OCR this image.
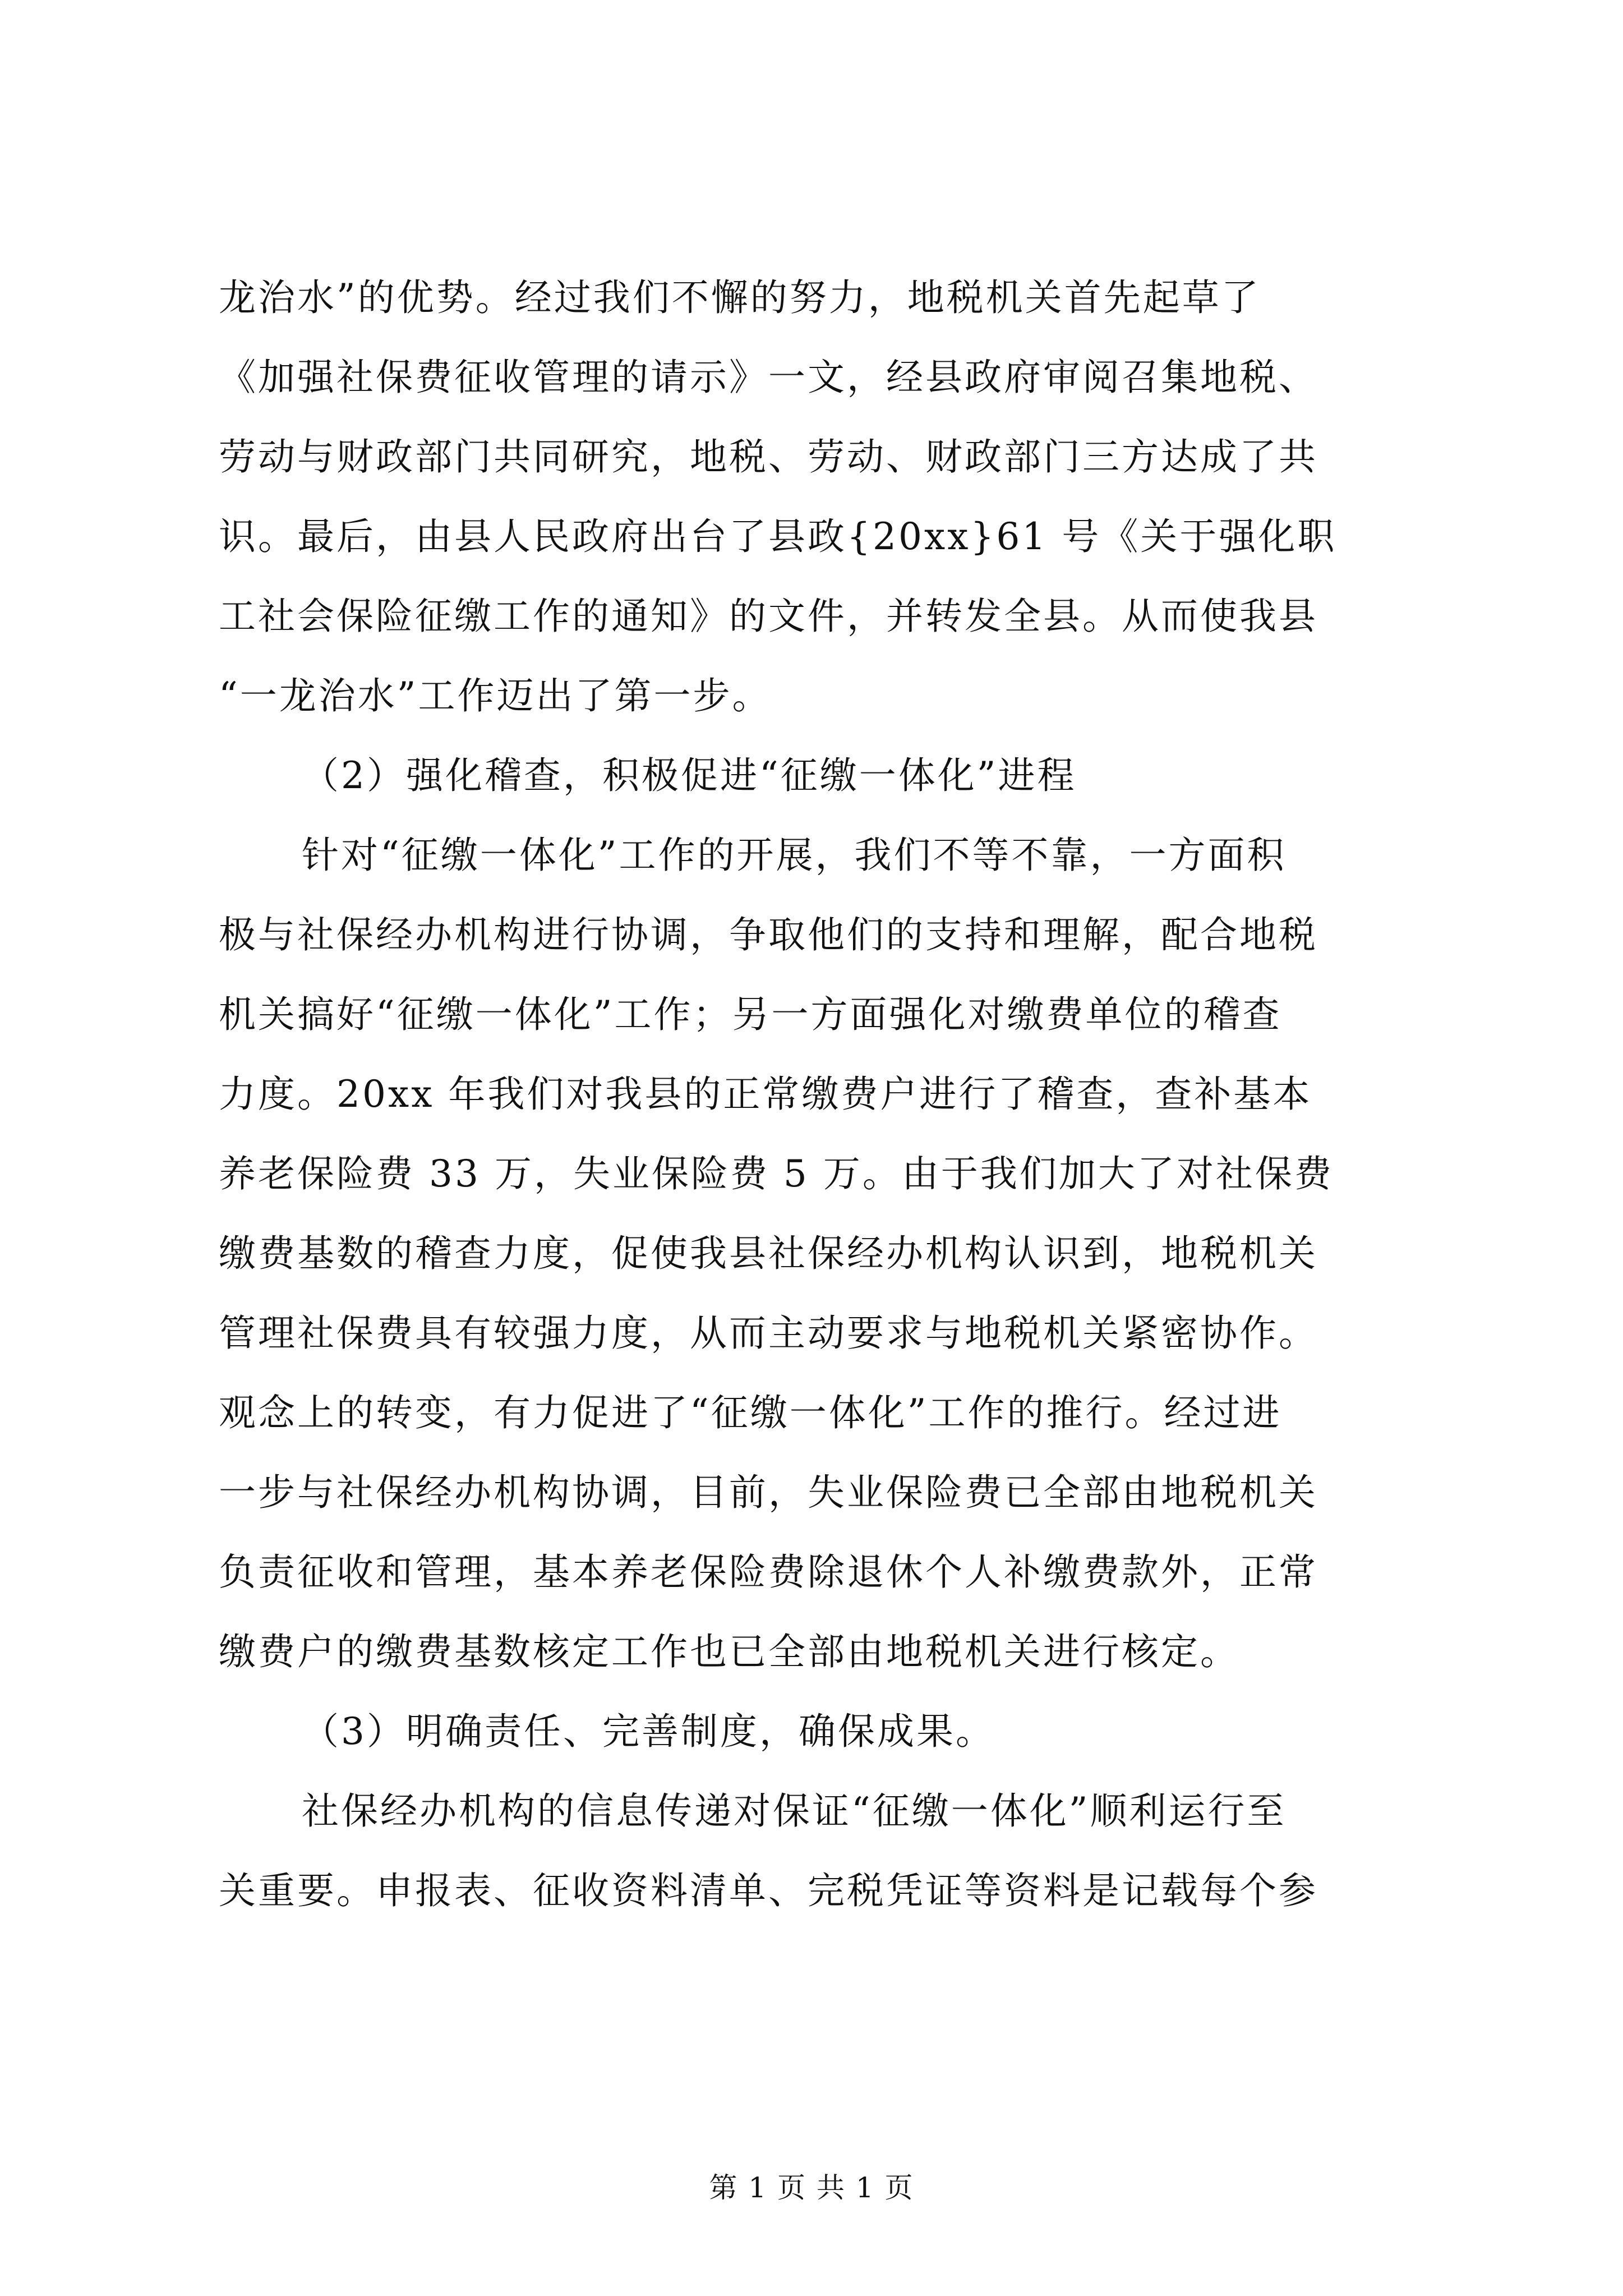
龙治水”的优势。经过我们不懈的努力，地税机关首先起草了
《加强社保费征收管理的请示》一文，经县政府审阅召集地税、
劳动与财政部门共同研究，地税、劳动、财政部门三方达成了共
识。最后，由县人民政府出台了县政{20xx}61 号《关于强化职
工社会保险征缴工作的通知》的文件，并转发全县。从而使我县
“一龙治水”工作迈出了第一步。
（2）强化稽查，积极促进“征缴一体化”进程
针对“征缴一体化”工作的开展，我们不等不靠，一方面积
极与社保经办机构进行协调，争取他们的支持和理解，配合地税
机关搞好“征缴一体化”工作；另一方面强化对缴费单位的稽查
力度。20xx 年我们对我县的正常缴费户进行了稽查，查补基本
养老保险费 33 万，失业保险费 5 万。由于我们加大了对社保费
缴费基数的稽查力度，促使我县社保经办机构认识到，地税机关
管理社保费具有较强力度，从而主动要求与地税机关紧密协作。
观念上的转变，有力促进了“征缴一体化”工作的推行。经过进
一步与社保经办机构协调，目前，失业保险费已全部由地税机关
负责征收和管理，基本养老保险费除退休个人补缴费款外，正常
缴费户的缴费基数核定工作也已全部由地税机关进行核定。
（3）明确责任、完善制度，确保成果。
社保经办机构的信息传递对保证“征缴一体化”顺利运行至
关重要。申报表、征收资料清单、完税凭证等资料是记载每个参
第 1 页 共 1 页
